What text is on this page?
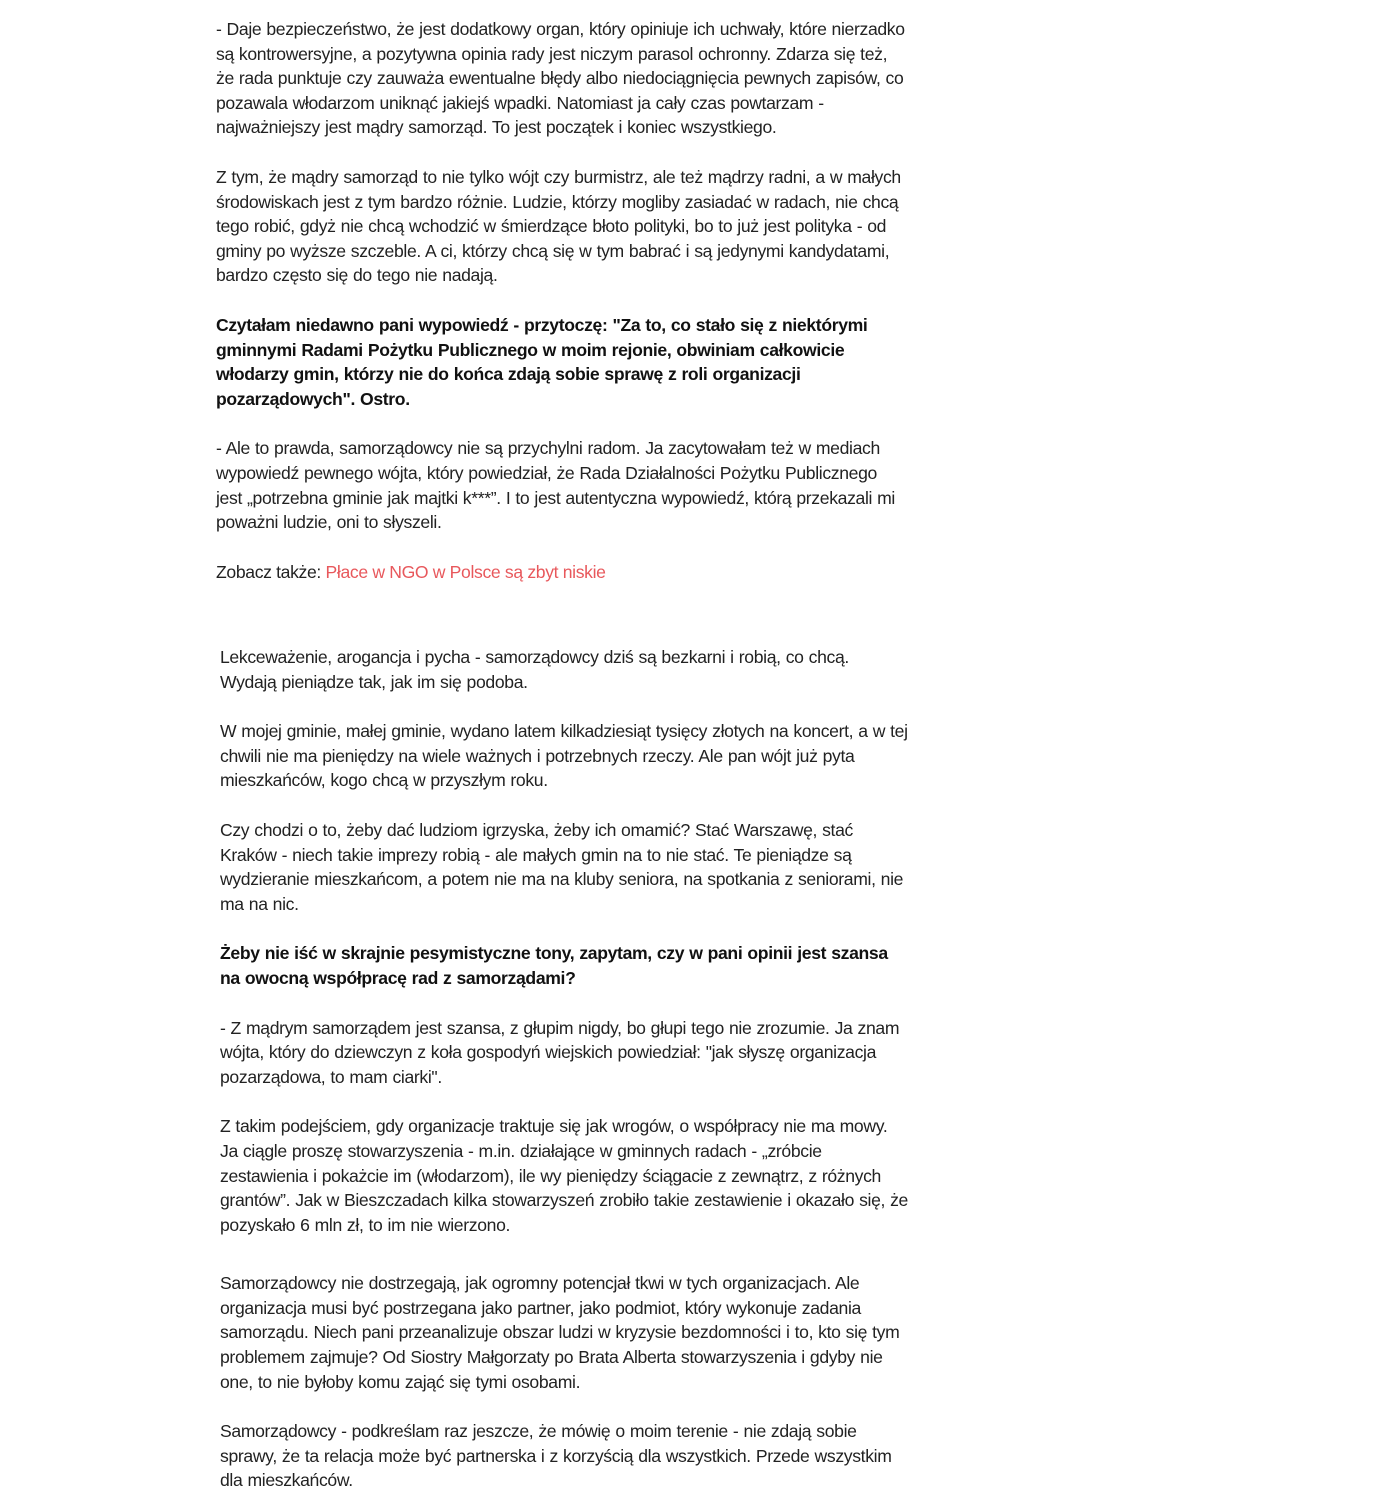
- Daje bezpieczeństwo, że jest dodatkowy organ, który opiniuje ich uchwały, które nierzadko są kontrowersyjne, a pozytywna opinia rady jest niczym parasol ochronny. Zdarza się też, że rada punktuje czy zauważa ewentualne błędy albo niedociągnięcia pewnych zapisów, co pozawala włodarzom uniknąć jakiejś wpadki. Natomiast ja cały czas powtarzam - najważniejszy jest mądry samorząd. To jest początek i koniec wszystkiego.

Z tym, że mądry samorząd to nie tylko wójt czy burmistrz, ale też mądrzy radni, a w małych środowiskach jest z tym bardzo różnie. Ludzie, którzy mogliby zasiadać w radach, nie chcą tego robić, gdyż nie chcą wchodzić w śmierdzące błoto polityki, bo to już jest polityka - od gminy po wyższe szczeble. A ci, którzy chcą się w tym babrać i są jedynymi kandydatami, bardzo często się do tego nie nadają.

Czytałam niedawno pani wypowiedź - przytoczę: "Za to, co stało się z niektórymi gminnymi Radami Pożytku Publicznego w moim rejonie, obwiniam całkowicie włodarzy gmin, którzy nie do końca zdają sobie sprawę z roli organizacji pozarządowych". Ostro.

- Ale to prawda, samorządowcy nie są przychylni radom. Ja zacytowałam też w mediach wypowiedź pewnego wójta, który powiedział, że Rada Działalności Pożytku Publicznego jest „potrzebna gminie jak majtki k***”. I to jest autentyczna wypowiedź, którą przekazali mi poważni ludzie, oni to słyszeli.

Zobacz także: Płace w NGO w Polsce są zbyt niskie

Lekceważenie, arogancja i pycha - samorządowcy dziś są bezkarni i robią, co chcą. Wydają pieniądze tak, jak im się podoba.

W mojej gminie, małej gminie, wydano latem kilkadziesiąt tysięcy złotych na koncert, a w tej chwili nie ma pieniędzy na wiele ważnych i potrzebnych rzeczy. Ale pan wójt już pyta mieszkańców, kogo chcą w przyszłym roku.

Czy chodzi o to, żeby dać ludziom igrzyska, żeby ich omamić? Stać Warszawę, stać Kraków - niech takie imprezy robią - ale małych gmin na to nie stać. Te pieniądze są wydzieranie mieszkańcom, a potem nie ma na kluby seniora, na spotkania z seniorami, nie ma na nic.

Żeby nie iść w skrajnie pesymistyczne tony, zapytam, czy w pani opinii jest szansa na owocną współpracę rad z samorządami?

- Z mądrym samorządem jest szansa, z głupim nigdy, bo głupi tego nie zrozumie. Ja znam wójta, który do dziewczyn z koła gospodyń wiejskich powiedział: "jak słyszę organizacja pozarządowa, to mam ciarki".

Z takim podejściem, gdy organizacje traktuje się jak wrogów, o współpracy nie ma mowy. Ja ciągle proszę stowarzyszenia - m.in. działające w gminnych radach - „zróbcie zestawienia i pokażcie im (włodarzom), ile wy pieniędzy ściągacie z zewnątrz, z różnych grantów”. Jak w Bieszczadach kilka stowarzyszeń zrobiło takie zestawienie i okazało się, że pozyskało 6 mln zł, to im nie wierzono.

Samorządowcy nie dostrzegają, jak ogromny potencjał tkwi w tych organizacjach. Ale organizacja musi być postrzegana jako partner, jako podmiot, który wykonuje zadania samorządu. Niech pani przeanalizuje obszar ludzi w kryzysie bezdomności i to, kto się tym problemem zajmuje? Od Siostry Małgorzaty po Brata Alberta stowarzyszenia i gdyby nie one, to nie byłoby komu zająć się tymi osobami.

Samorządowcy - podkreślam raz jeszcze, że mówię o moim terenie - nie zdają sobie sprawy, że ta relacja może być partnerska i z korzyścią dla wszystkich. Przede wszystkim dla mieszkańców.
